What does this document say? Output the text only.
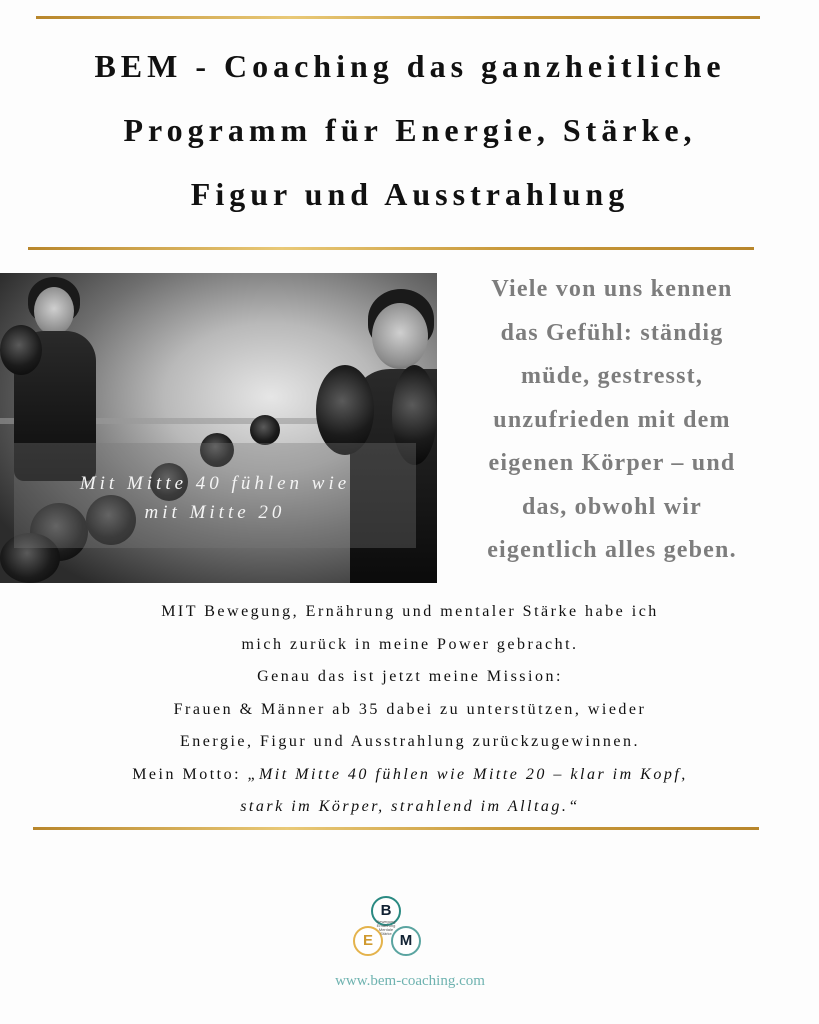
BEM - Coaching das ganzheitliche
Programm für Energie, Stärke,
Figur und Ausstrahlung
Mit Mitte 40 fühlen wie
mit Mitte 20
Viele von uns kennen
das Gefühl: ständig
müde, gestresst,
unzufrieden mit dem
eigenen Körper – und
das, obwohl wir
eigentlich alles geben.
MIT Bewegung, Ernährung und mentaler Stärke habe ich
mich zurück in meine Power gebracht.
Genau das ist jetzt meine Mission:
Frauen & Männer ab 35 dabei zu unterstützen, wieder
Energie, Figur und Ausstrahlung zurückzugewinnen.
Mein Motto: „Mit Mitte 40 fühlen wie Mitte 20 – klar im Kopf,
stark im Körper, strahlend im Alltag.“
B
E	M
Bewegung Ernährung Mentale Stärke
www.bem-coaching.com
